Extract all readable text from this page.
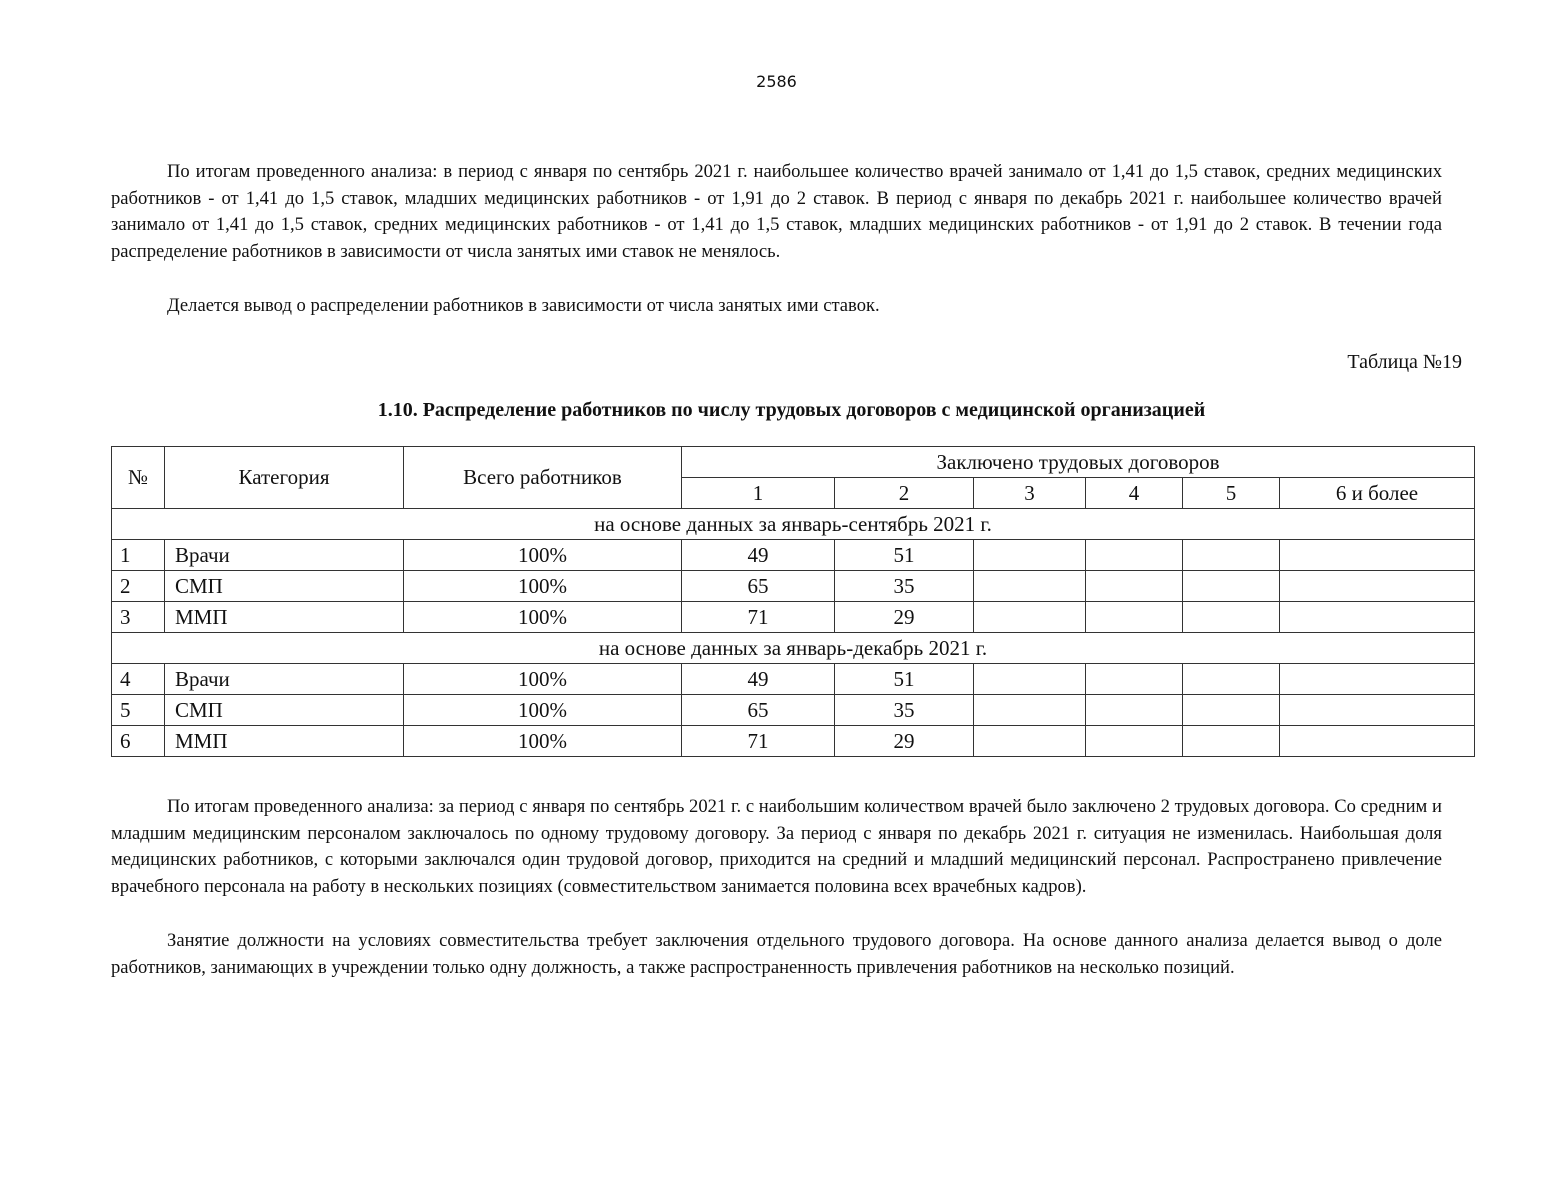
2586

По итогам проведенного анализа: в период с января по сентябрь 2021 г. наибольшее количество врачей занимало от 1,41 до 1,5 ставок, средних медицинских работников - от 1,41 до 1,5 ставок, младших медицинских работников - от 1,91 до 2 ставок. В период с января по декабрь 2021 г. наибольшее количество врачей занимало от 1,41 до 1,5 ставок, средних медицинских работников - от 1,41 до 1,5 ставок, младших медицинских работников - от 1,91 до 2 ставок. В течении года распределение работников в зависимости от числа занятых ими ставок не менялось.

Делается вывод о распределении работников в зависимости от числа занятых ими ставок.

Таблица №19
1.10. Распределение работников по числу трудовых договоров с медицинской организацией
№	Категория	Всего работников	Заключено трудовых договоров					
			1	2	3	4	5	6 и более
на основе данных за январь-сентябрь 2021 г.								
1	Врачи	100%	49	51				
2	СМП	100%	65	35				
3	ММП	100%	71	29				
на основе данных за январь-декабрь 2021 г.								
4	Врачи	100%	49	51				
5	СМП	100%	65	35				
6	ММП	100%	71	29				

По итогам проведенного анализа: за период с января по сентябрь 2021 г. с наибольшим количеством врачей было заключено 2 трудовых договора. Со средним и младшим медицинским персоналом заключалось по одному трудовому договору. За период с января по декабрь 2021 г. ситуация не изменилась. Наибольшая доля медицинских работников, с которыми заключался один трудовой договор, приходится на средний и младший медицинский персонал. Распространено привлечение врачебного персонала на работу в нескольких позициях (совместительством занимается половина всех врачебных кадров).

Занятие должности на условиях совместительства требует заключения отдельного трудового договора. На основе данного анализа делается вывод о доле работников, занимающих в учреждении только одну должность, а также распространенность привлечения работников на несколько позиций.
